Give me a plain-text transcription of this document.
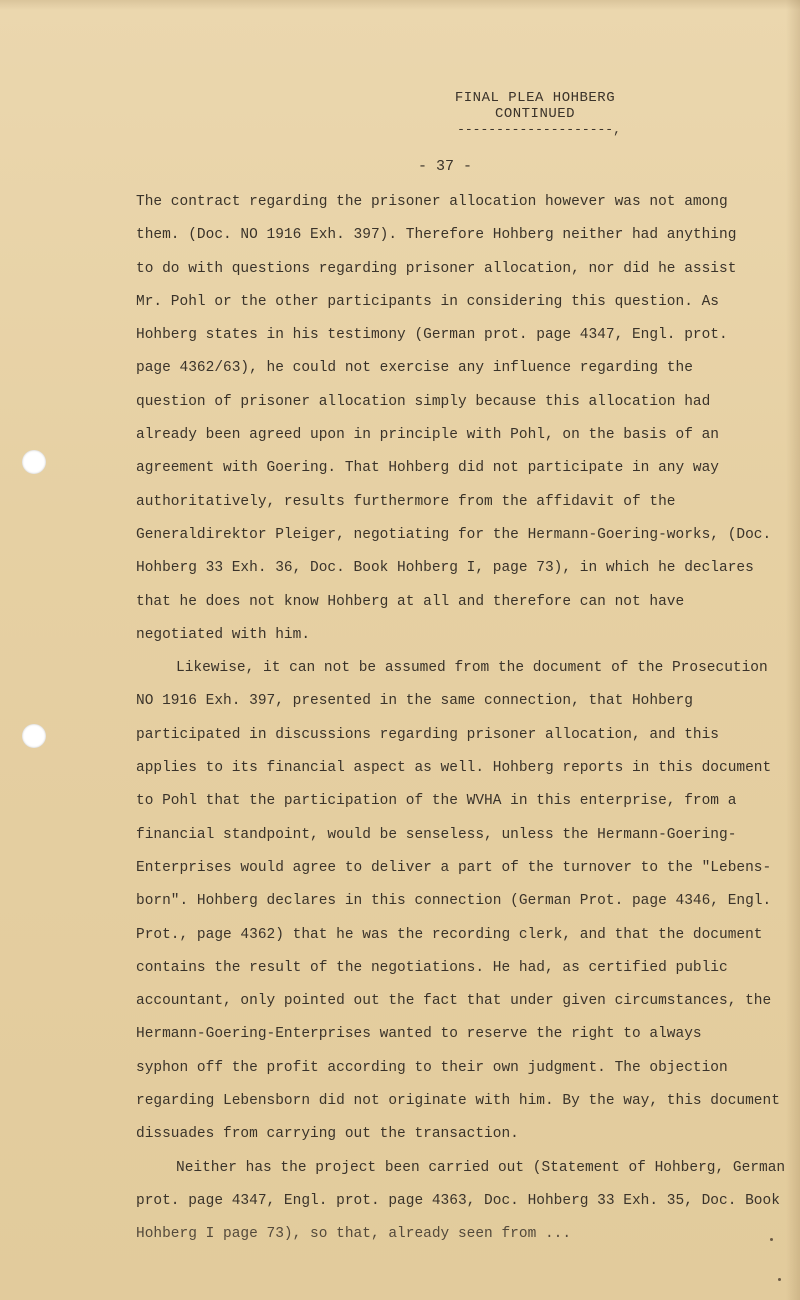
FINAL PLEA HOHBERG
CONTINUED
--------------------,
- 37 -
The contract regarding the prisoner allocation however was not among
them. (Doc. NO 1916 Exh. 397). Therefore Hohberg neither had anything
to do with questions regarding prisoner allocation, nor did he assist
Mr. Pohl or the other participants in considering this question. As
Hohberg states in his testimony (German prot. page 4347, Engl. prot.
page 4362/63), he could not exercise any influence regarding the
question of prisoner allocation simply because this allocation had
already been agreed upon in principle with Pohl, on the basis of an
agreement with Goering. That Hohberg did not participate in any way
authoritatively, results furthermore from the affidavit of the
Generaldirektor Pleiger, negotiating for the Hermann-Goering-works, (Doc.
Hohberg 33 Exh. 36, Doc. Book Hohberg I, page 73), in which he declares
that he does not know Hohberg at all and therefore can not have
negotiated with him.
Likewise, it can not be assumed from the document of the Prosecution
NO 1916 Exh. 397, presented in the same connection, that Hohberg
participated in discussions regarding prisoner allocation, and this
applies to its financial aspect as well. Hohberg reports in this document
to Pohl that the participation of the WVHA in this enterprise, from a
financial standpoint, would be senseless, unless the Hermann-Goering-
Enterprises would agree to deliver a part of the turnover to the "Lebens-
born". Hohberg declares in this connection (German Prot. page 4346, Engl.
Prot., page 4362) that he was the recording clerk, and that the document
contains the result of the negotiations. He had, as certified public
accountant, only pointed out the fact that under given circumstances, the
Hermann-Goering-Enterprises wanted to reserve the right to always
syphon off the profit according to their own judgment. The objection
regarding Lebensborn did not originate with him. By the way, this document
dissuades from carrying out the transaction.
Neither has the project been carried out (Statement of Hohberg, German
prot. page 4347, Engl. prot. page 4363, Doc. Hohberg 33 Exh. 35, Doc. Book
Hohberg I page 73), so that, already seen from ...
